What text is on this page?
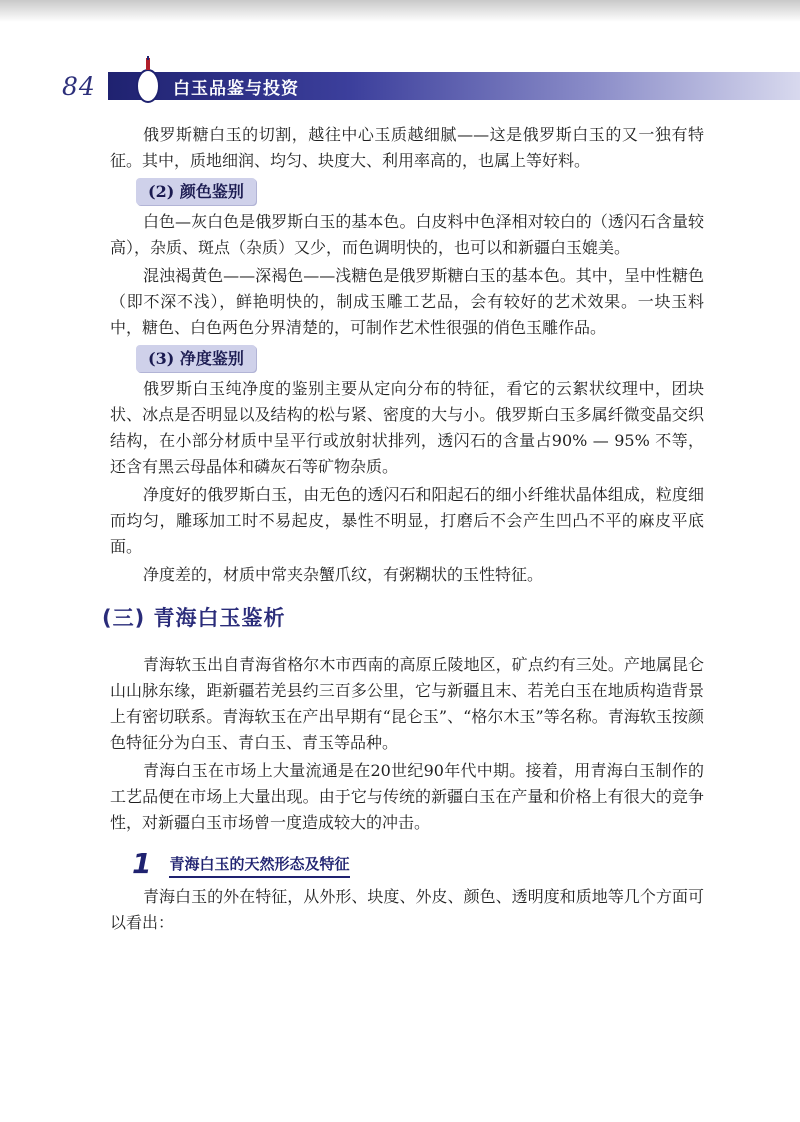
84	白玉品鉴与投资

俄罗斯糖白玉的切割，越往中心玉质越细腻——这是俄罗斯白玉的又一独有特征。其中，质地细润、均匀、块度大、利用率高的，也属上等好料。

(2) 颜色鉴别

白色—灰白色是俄罗斯白玉的基本色。白皮料中色泽相对较白的（透闪石含量较高），杂质、斑点（杂质）又少，而色调明快的，也可以和新疆白玉媲美。

混浊褐黄色——深褐色——浅糖色是俄罗斯糖白玉的基本色。其中，呈中性糖色（即不深不浅），鲜艳明快的，制成玉雕工艺品，会有较好的艺术效果。一块玉料中，糖色、白色两色分界清楚的，可制作艺术性很强的俏色玉雕作品。

(3) 净度鉴别

俄罗斯白玉纯净度的鉴别主要从定向分布的特征，看它的云絮状纹理中，团块状、冰点是否明显以及结构的松与紧、密度的大与小。俄罗斯白玉多属纤微变晶交织结构，在小部分材质中呈平行或放射状排列，透闪石的含量占90% — 95% 不等，还含有黑云母晶体和磷灰石等矿物杂质。

净度好的俄罗斯白玉，由无色的透闪石和阳起石的细小纤维状晶体组成，粒度细而均匀，雕琢加工时不易起皮，暴性不明显，打磨后不会产生凹凸不平的麻皮平底面。

净度差的，材质中常夹杂蟹爪纹，有粥糊状的玉性特征。

(三) 青海白玉鉴析

青海软玉出自青海省格尔木市西南的高原丘陵地区，矿点约有三处。产地属昆仑山山脉东缘，距新疆若羌县约三百多公里，它与新疆且末、若羌白玉在地质构造背景上有密切联系。青海软玉在产出早期有“昆仑玉”、“格尔木玉”等名称。青海软玉按颜色特征分为白玉、青白玉、青玉等品种。

青海白玉在市场上大量流通是在20世纪90年代中期。接着，用青海白玉制作的工艺品便在市场上大量出现。由于它与传统的新疆白玉在产量和价格上有很大的竞争性，对新疆白玉市场曾一度造成较大的冲击。

1 青海白玉的天然形态及特征

青海白玉的外在特征，从外形、块度、外皮、颜色、透明度和质地等几个方面可以看出：
